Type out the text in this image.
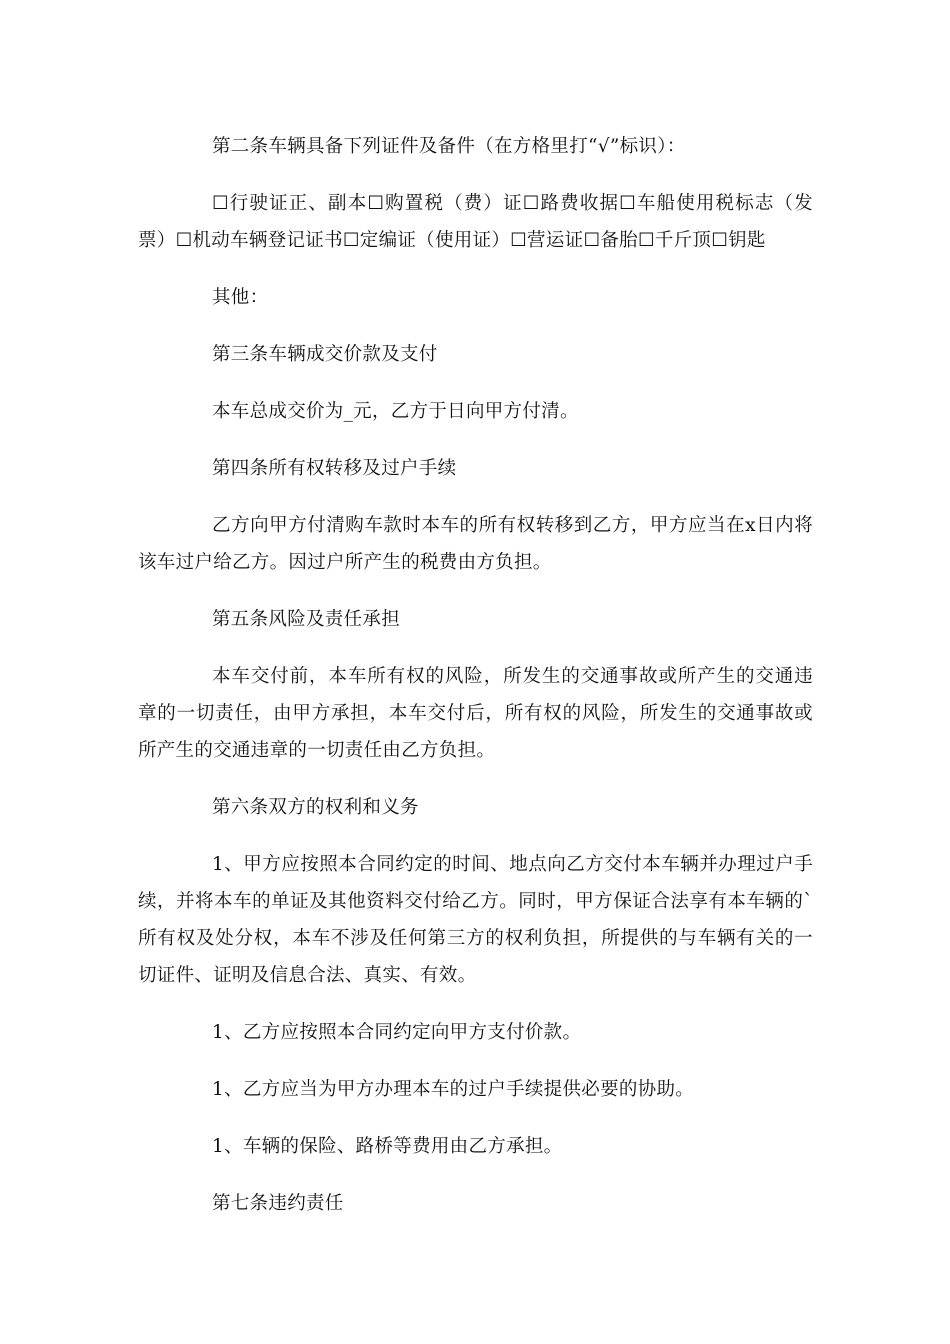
第二条车辆具备下列证件及备件（在方格里打“√”标识）：

☐行驶证正、副本☐购置税（费）证☐路费收据☐车船使用税标志（发票）☐机动车辆登记证书☐定编证（使用证）☐营运证☐备胎☐千斤顶☐钥匙

其他：

第三条车辆成交价款及支付

本车总成交价为_元，乙方于日向甲方付清。

第四条所有权转移及过户手续

乙方向甲方付清购车款时本车的所有权转移到乙方，甲方应当在x日内将该车过户给乙方。因过户所产生的税费由方负担。

第五条风险及责任承担

本车交付前，本车所有权的风险，所发生的交通事故或所产生的交通违章的一切责任，由甲方承担，本车交付后，所有权的风险，所发生的交通事故或所产生的交通违章的一切责任由乙方负担。

第六条双方的权利和义务

1、甲方应按照本合同约定的时间、地点向乙方交付本车辆并办理过户手续，并将本车的单证及其他资料交付给乙方。同时，甲方保证合法享有本车辆的`所有权及处分权，本车不涉及任何第三方的权利负担，所提供的与车辆有关的一切证件、证明及信息合法、真实、有效。

1、乙方应按照本合同约定向甲方支付价款。

1、乙方应当为甲方办理本车的过户手续提供必要的协助。

1、车辆的保险、路桥等费用由乙方承担。

第七条违约责任
